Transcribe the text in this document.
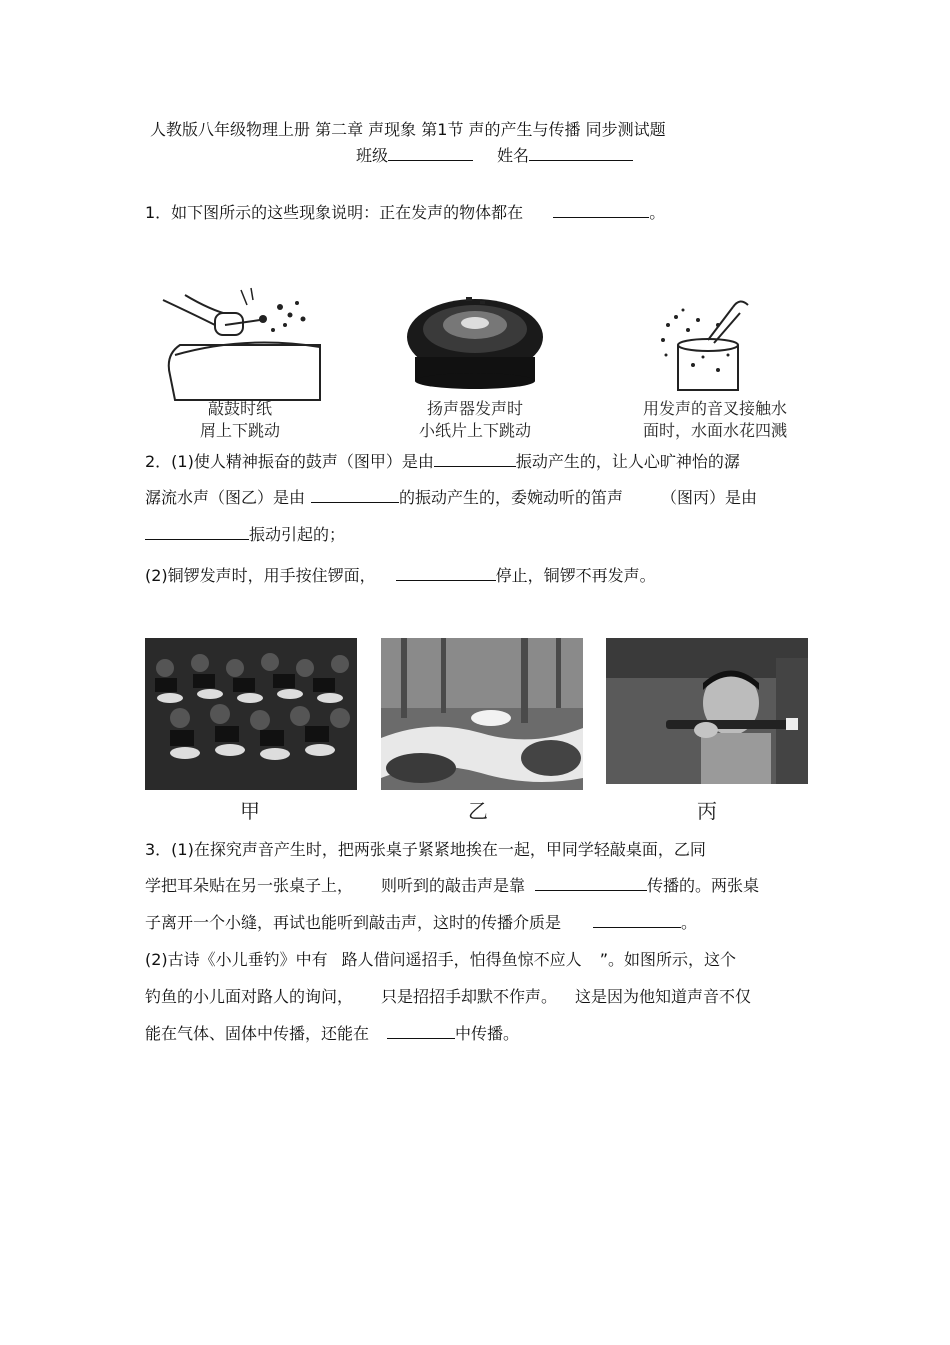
人教版八年级物理上册 第二章 声现象 第1节 声的产生与传播 同步测试题
班级	姓名
1．如下图所示的这些现象说明：正在发声的物体都在	。
敲鼓时纸
屑上下跳动
扬声器发声时
小纸片上下跳动
用发声的音叉接触水
面时，水面水花四溅
2．(1)使人精神振奋的鼓声（图甲）是由	振动产生的，让人心旷神怡的潺
潺流水声（图乙）是由	的振动产生的，委婉动听的笛声 （图丙）是由
振动引起的；
(2)铜锣发声时，用手按住锣面，	停止，铜锣不再发声。
甲	乙	丙
3．(1)在探究声音产生时，把两张桌子紧紧地挨在一起，甲同学轻敲桌面，乙同
学把耳朵贴在另一张桌子上， 则听到的敲击声是靠	传播的。两张桌
子离开一个小缝，再试也能听到敲击声，这时的传播介质是	。
(2)古诗《小儿垂钓》中有 路人借问遥招手，怕得鱼惊不应人 ”。如图所示，这个
钓鱼的小儿面对路人的询问， 只是招招手却默不作声。 这是因为他知道声音不仅
能在气体、固体中传播，还能在	中传播。
